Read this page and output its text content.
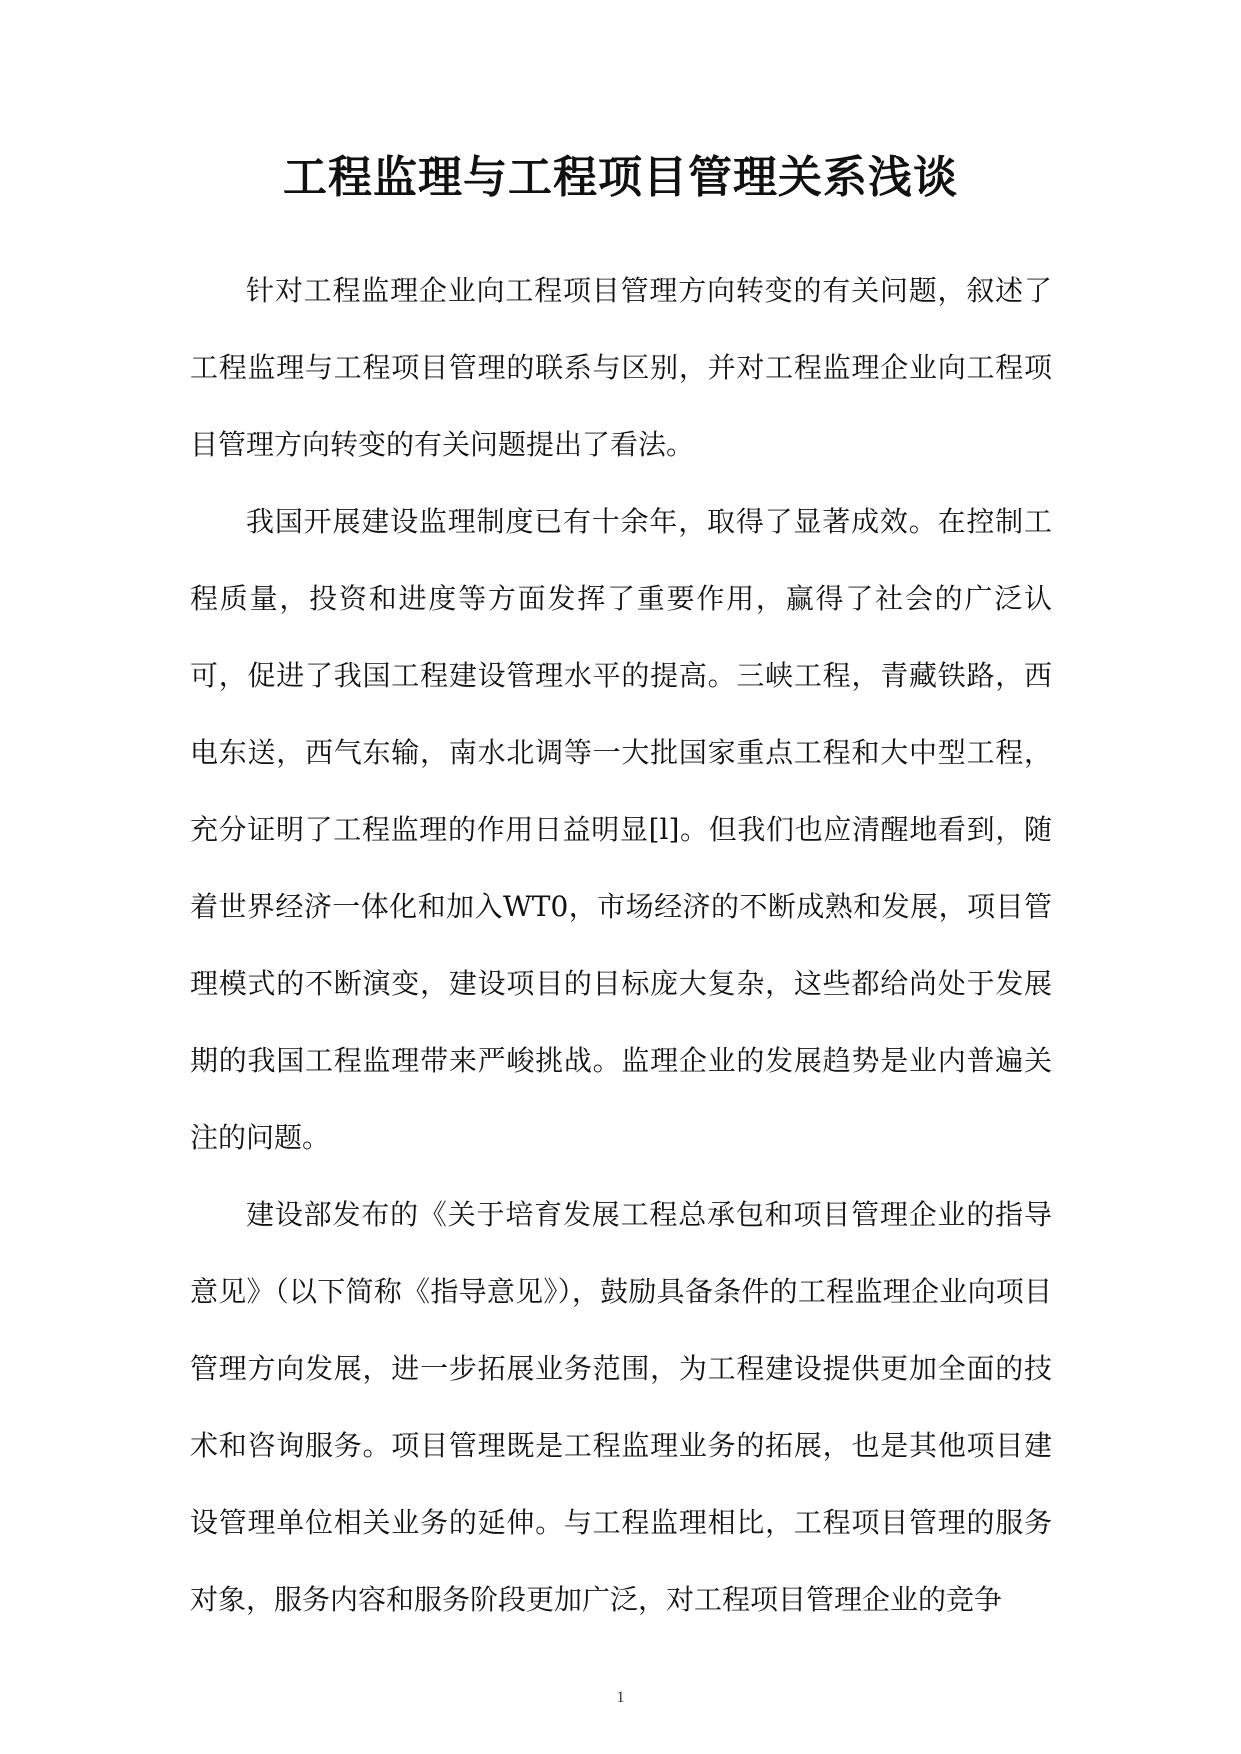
工程监理与工程项目管理关系浅谈

针对工程监理企业向工程项目管理方向转变的有关问题，叙述了工程监理与工程项目管理的联系与区别，并对工程监理企业向工程项目管理方向转变的有关问题提出了看法。

我国开展建设监理制度已有十余年，取得了显著成效。在控制工程质量，投资和进度等方面发挥了重要作用，赢得了社会的广泛认可，促进了我国工程建设管理水平的提高。三峡工程，青藏铁路，西电东送，西气东输，南水北调等一大批国家重点工程和大中型工程，充分证明了工程监理的作用日益明显[l]。但我们也应清醒地看到，随着世界经济一体化和加入WT0，市场经济的不断成熟和发展，项目管理模式的不断演变，建设项目的目标庞大复杂，这些都给尚处于发展期的我国工程监理带来严峻挑战。监理企业的发展趋势是业内普遍关注的问题。

建设部发布的《关于培育发展工程总承包和项目管理企业的指导意见》（以下简称《指导意见》），鼓励具备条件的工程监理企业向项目管理方向发展，进一步拓展业务范围，为工程建设提供更加全面的技术和咨询服务。项目管理既是工程监理业务的拓展，也是其他项目建设管理单位相关业务的延伸。与工程监理相比，工程项目管理的服务对象，服务内容和服务阶段更加广泛，对工程项目管理企业的竞争

1
